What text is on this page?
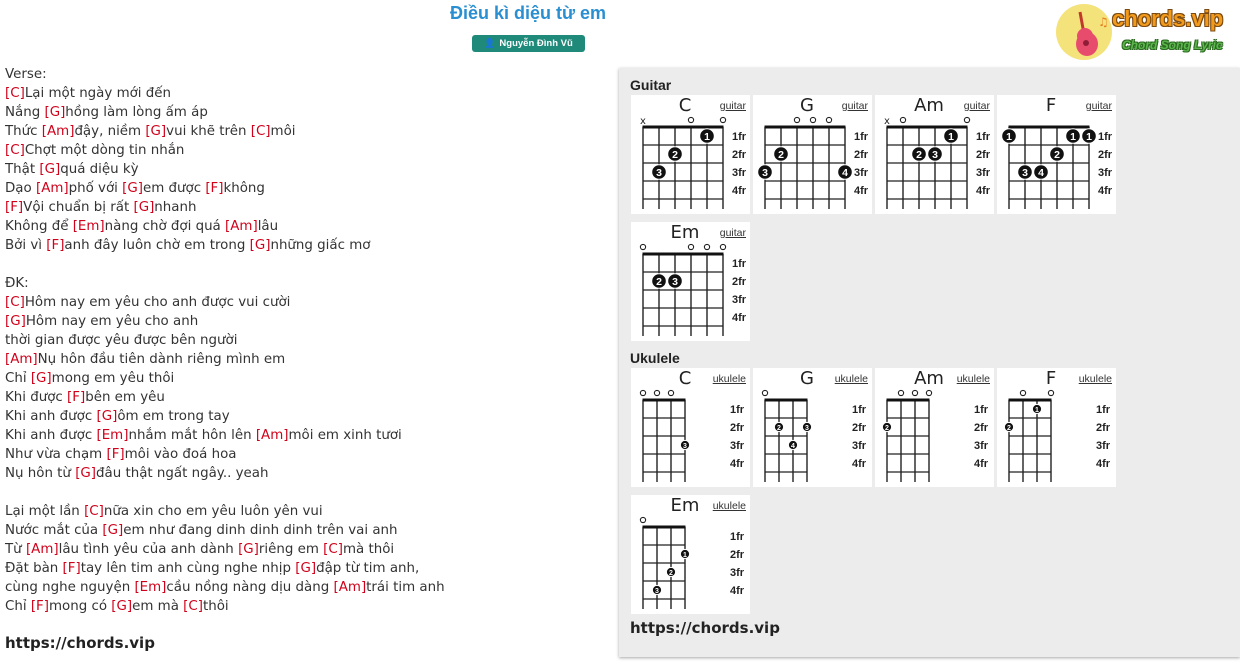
Điều kì diệu từ em
👤 Nguyễn Đình Vũ
♫ chords.vip
Chord Song Lyric
Verse:
[C]Lại một ngày mới đến
Nắng [G]hồng làm lòng ấm áp
Thức [Am]đậy, niềm [G]vui khẽ trên [C]môi
[C]Chợt một dòng tin nhắn
Thật [G]quá diệu kỳ
Dạo [Am]phố với [G]em được [F]không
[F]Vội chuẩn bị rất [G]nhanh
Không để [Em]nàng chờ đợi quá [Am]lâu
Bởi vì [F]anh đây luôn chờ em trong [G]những giấc mơ
ĐK:
[C]Hôm nay em yêu cho anh được vui cười
[G]Hôm nay em yêu cho anh
thời gian được yêu được bên người
[Am]Nụ hôn đầu tiên dành riêng mình em
Chỉ [G]mong em yêu thôi
Khi được [F]bên em yêu
Khi anh được [G]ôm em trong tay
Khi anh được [Em]nhắm mắt hôn lên [Am]môi em xinh tươi
Như vừa chạm [F]môi vào đoá hoa
Nụ hôn từ [G]đâu thật ngất ngây.. yeah
Lại một lần [C]nữa xin cho em yêu luôn yên vui
Nước mắt của [G]em như đang dinh dinh dinh trên vai anh
Từ [Am]lâu tình yêu của anh dành [G]riêng em [C]mà thôi
Đặt bàn [F]tay lên tim anh cùng nghe nhịp [G]đập từ tim anh,
cùng nghe nguyện [Em]cầu nồng nàng dịu dàng [Am]trái tim anh
Chỉ [F]mong có [G]em mà [C]thôi
https://chords.vip
Guitar
Ukulele
https://chords.vip
C	guitar
1fr
2fr
3fr
4fr
x
1
2
3
G	guitar
1fr
2fr
3fr
4fr
2
3	4
Am	guitar
1fr
2fr
3fr
4fr
x
1
2 3
F	guitar
1fr
2fr
3fr
4fr
1	1 1
2
3 4
Em	guitar
1fr
2fr
3fr
4fr
2 3
C	ukulele
1fr
2fr
3fr
4fr
3
G	ukulele
1fr
2fr
3fr
4fr
2	3
4
Am	ukulele
1fr
2fr
3fr
4fr
2
F	ukulele
1fr
2fr
3fr
4fr
1
2
Em	ukulele
1fr
2fr
3fr
4fr
1
2
3
